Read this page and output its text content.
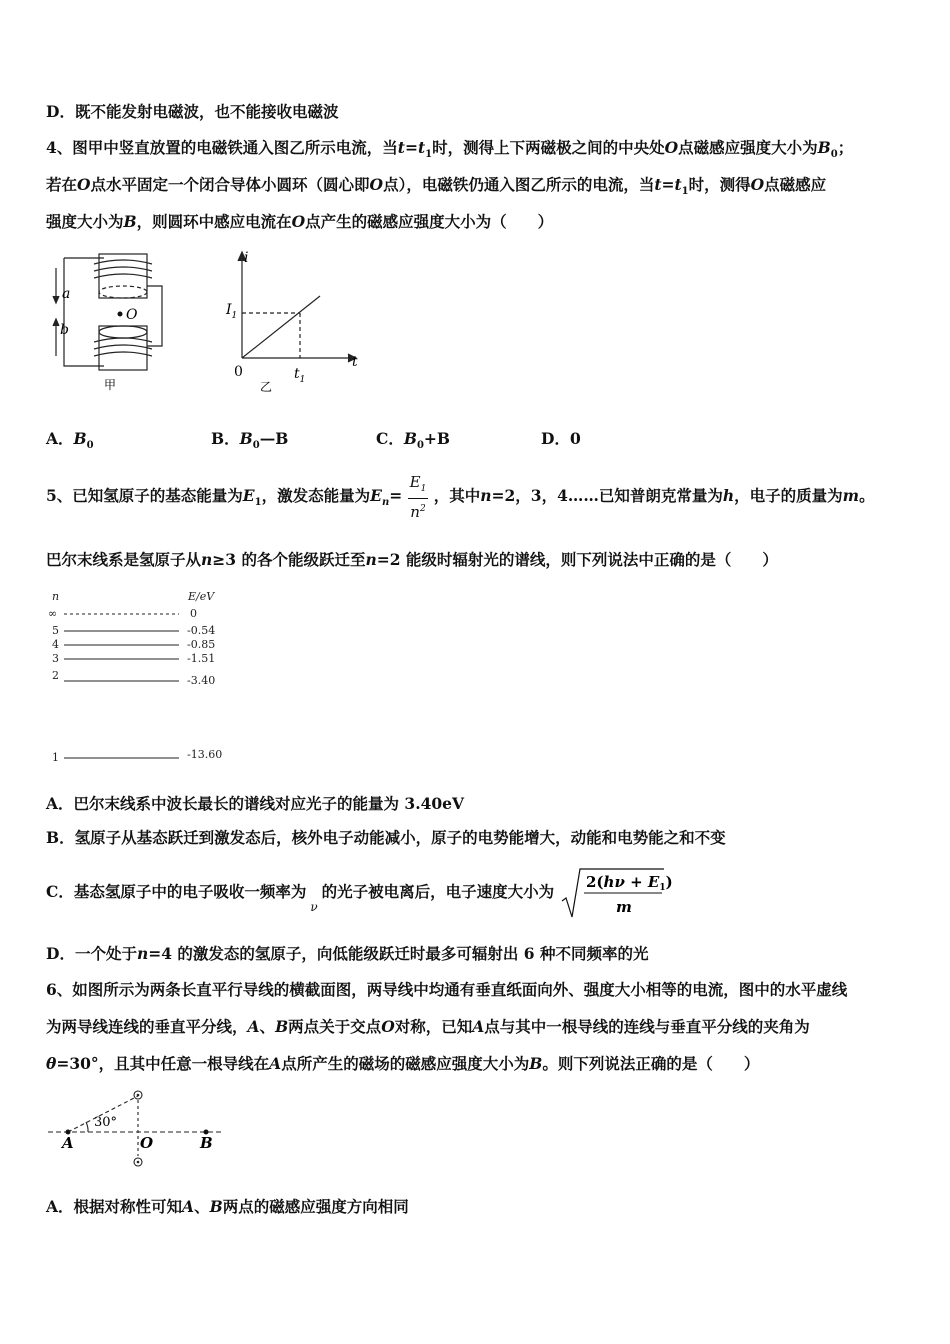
D．既不能发射电磁波，也不能接收电磁波
4、图甲中竖直放置的电磁铁通入图乙所示电流，当$t=t_1$时，测得上下两磁极之间的中央处O点磁感应强度大小为$B_0$；
若在O点水平固定一个闭合导体小圆环（圆心即O点），电磁铁仍通入图乙所示的电流，当$t=t_1$时，测得O点磁感应
强度大小为B，则圆环中感应电流在O点产生的磁感应强度大小为（　　）
a
b
O
甲
i
t
$I_1$
$t_1$
0
乙
A．$B_0$	B．$B_0—B$	C．$B_0+B$	D．0
5、已知氢原子的基态能量为$E_1$，激发态能量为$E_n= \frac{E_1}{n^2}$ ，其中n=2，3，4……已知普朗克常量为h，电子的质量为m。
巴尔末线系是氢原子从n≥3 的各个能级跃迁至n=2 能级时辐射光的谱线，则下列说法中正确的是（　　）
n	E/eV
∞	0
5	-0.54
4	-0.85
3	-1.51
2	-3.40
1	-13.60
A．巴尔末线系中波长最长的谱线对应光子的能量为 3.40eV
B．氢原子从基态跃迁到激发态后，核外电子动能减小，原子的电势能增大，动能和电势能之和不变
C．基态氢原子中的电子吸收一频率为$_\nu$的光子被电离后，电子速度大小为 $2(h\nu + E_1)$
m
D．一个处于n=4 的激发态的氢原子，向低能级跃迁时最多可辐射出 6 种不同频率的光
6、如图所示为两条长直平行导线的横截面图，两导线中均通有垂直纸面向外、强度大小相等的电流，图中的水平虚线
为两导线连线的垂直平分线，A、B两点关于交点O对称，已知A点与其中一根导线的连线与垂直平分线的夹角为
θ=30°，且其中任意一根导线在A点所产生的磁场的磁感应强度大小为B。则下列说法正确的是（　　）
30°
A	O	B
A．根据对称性可知A、B两点的磁感应强度方向相同
